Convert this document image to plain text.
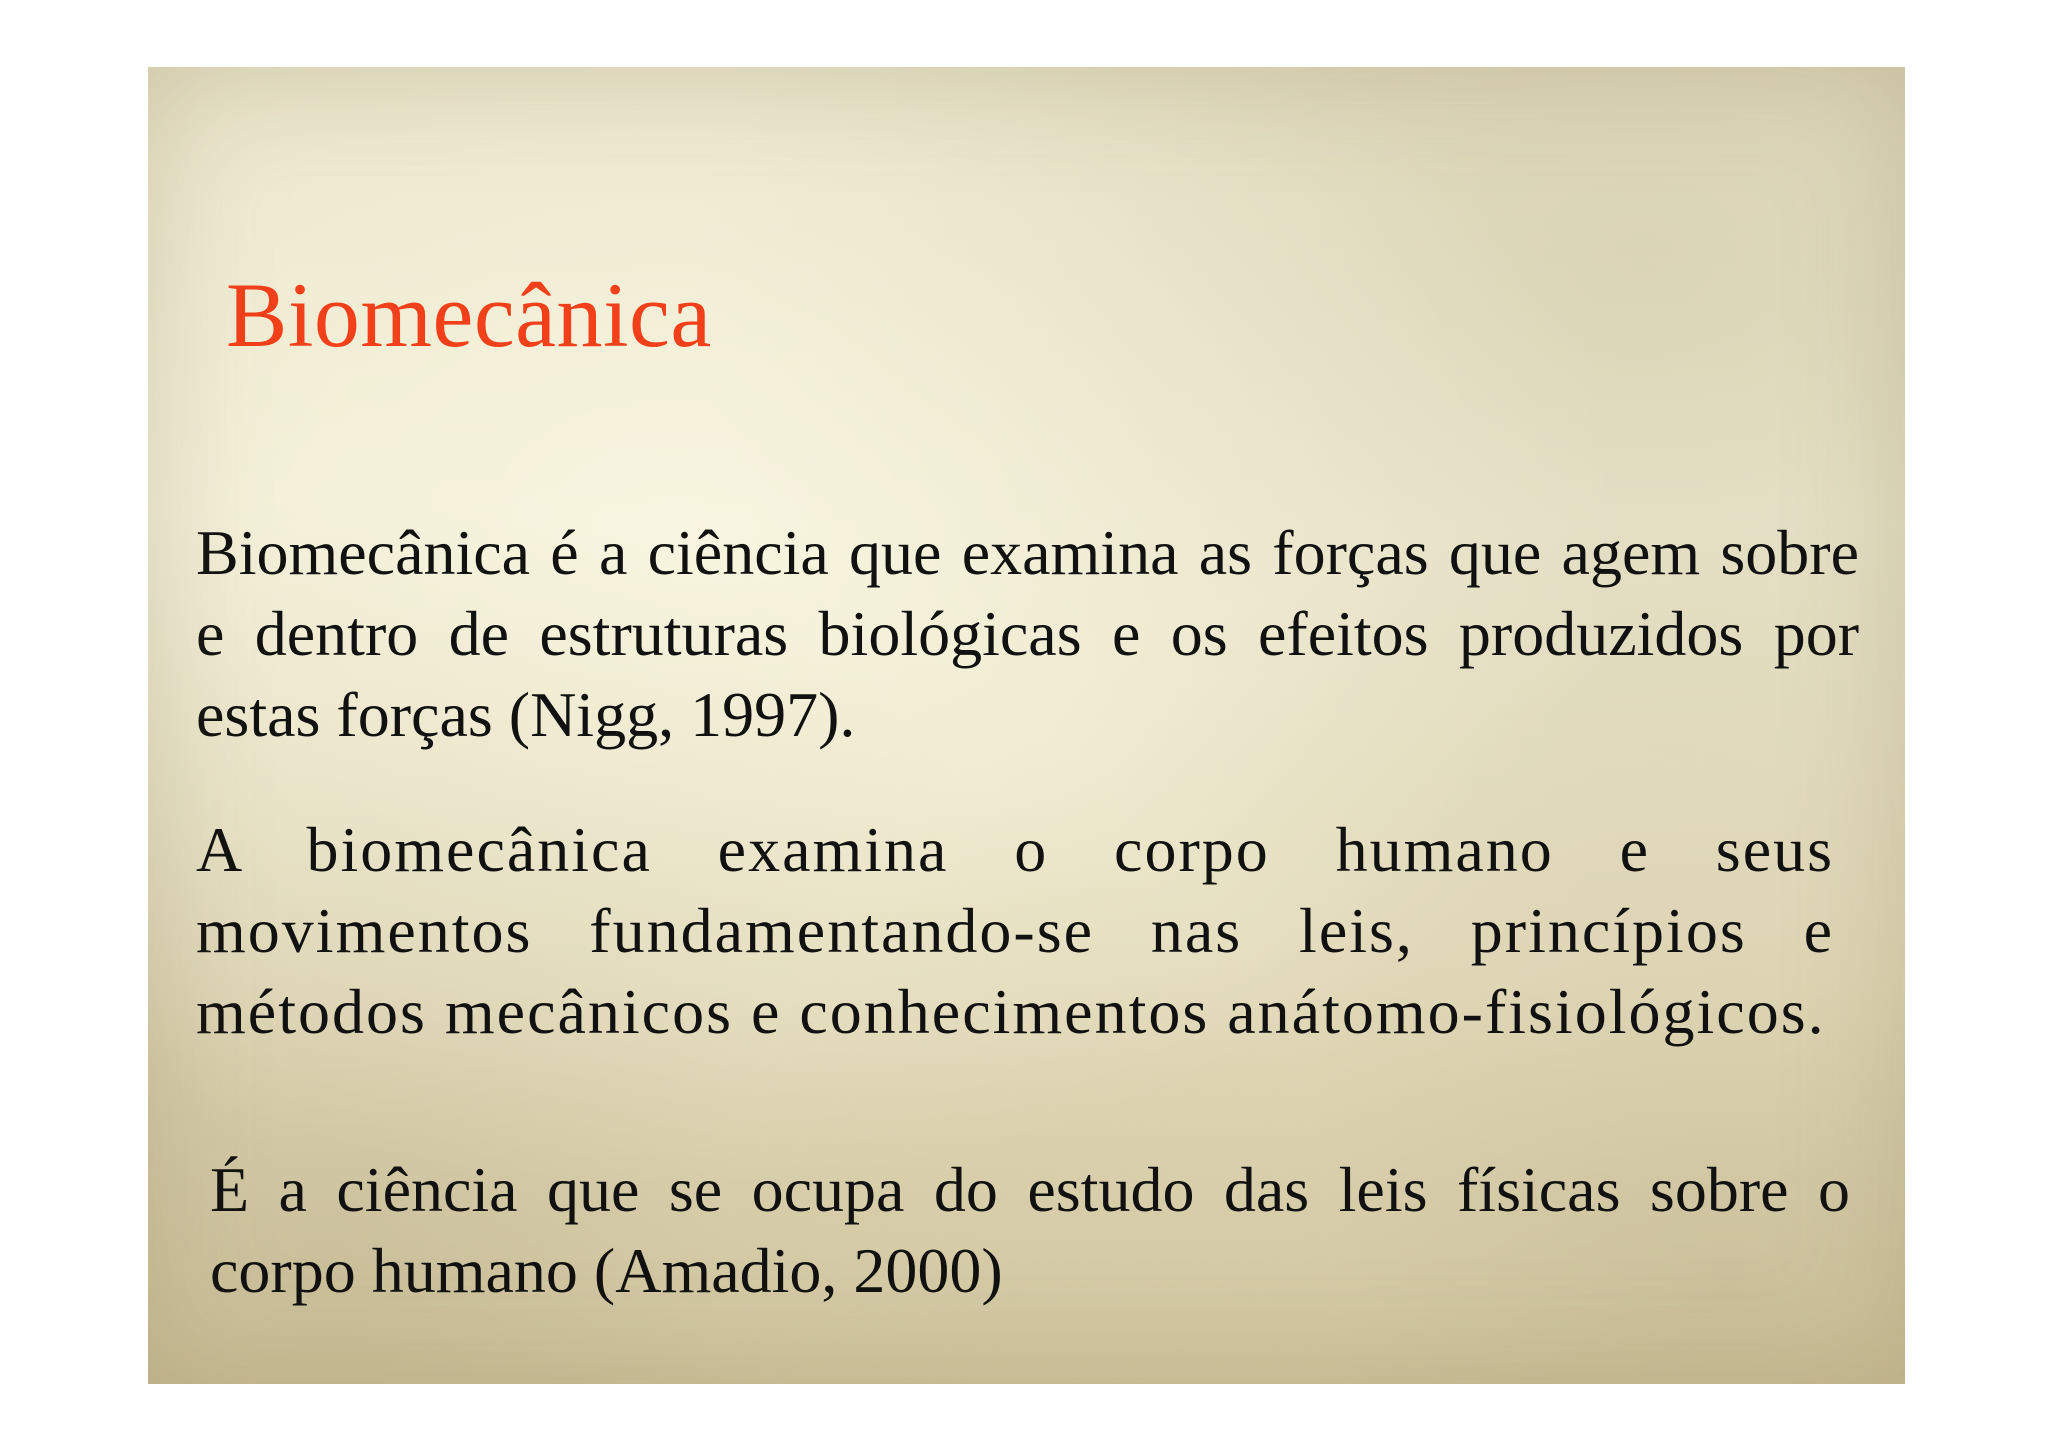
Biomecânica

Biomecânica é a ciência que examina as forças que agem sobre e dentro de estruturas biológicas e os efeitos produzidos por estas forças (Nigg, 1997).

A biomecânica examina o corpo humano e seus movimentos fundamentando-se nas leis, princípios e métodos mecânicos e conhecimentos anátomo-fisiológicos.

É a ciência que se ocupa do estudo das leis físicas sobre o corpo humano (Amadio, 2000)
